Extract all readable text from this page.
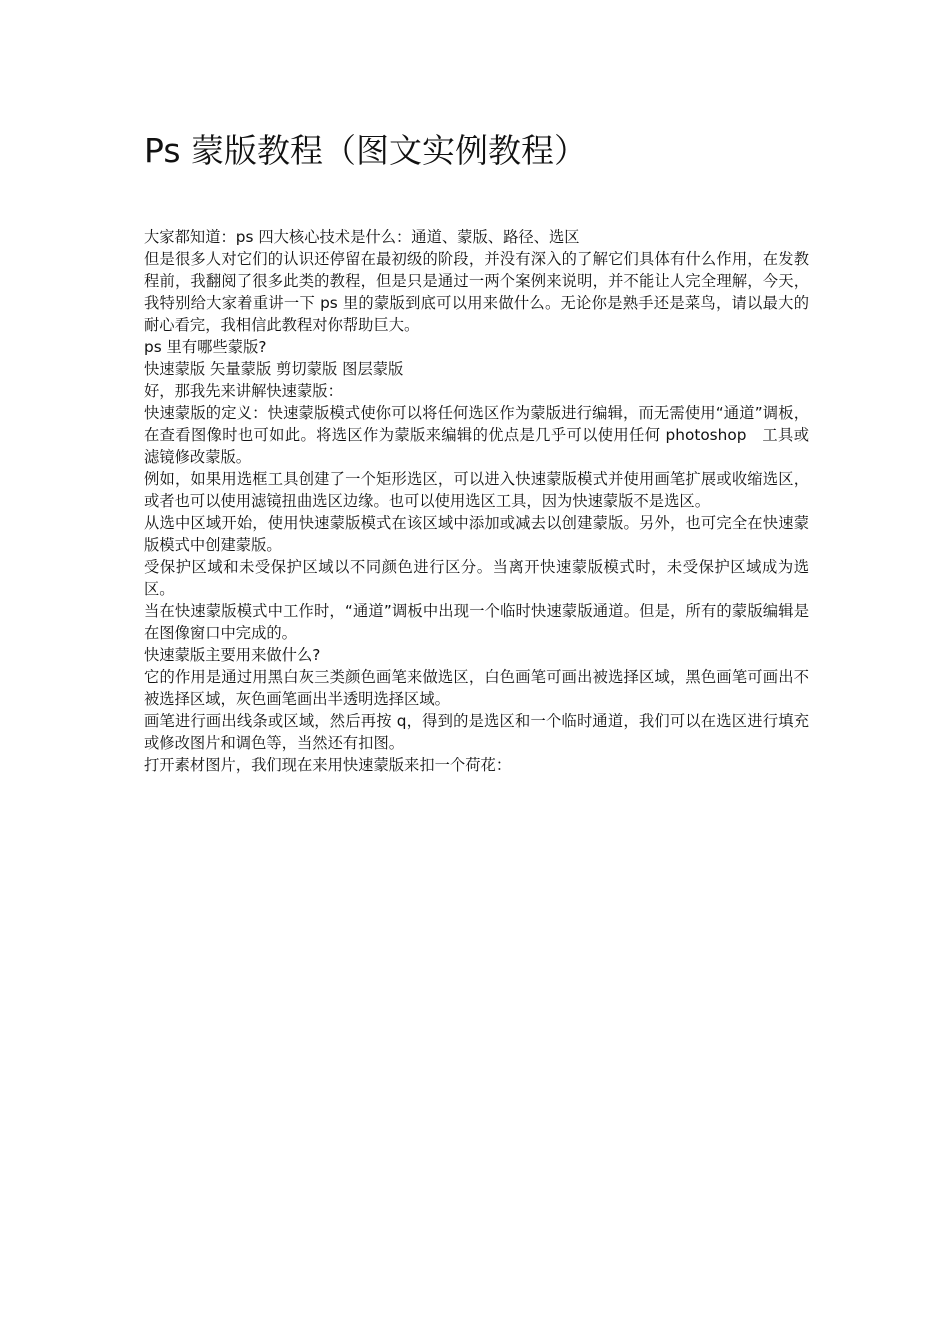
Ps 蒙版教程（图文实例教程）

大家都知道：ps 四大核心技术是什么：通道、蒙版、路径、选区

但是很多人对它们的认识还停留在最初级的阶段，并没有深入的了解它们具体有什么作用，在发教程前，我翻阅了很多此类的教程，但是只是通过一两个案例来说明，并不能让人完全理解，今天，我特别给大家着重讲一下 ps 里的蒙版到底可以用来做什么。无论你是熟手还是菜鸟，请以最大的耐心看完，我相信此教程对你帮助巨大。

ps 里有哪些蒙版?

快速蒙版 矢量蒙版 剪切蒙版 图层蒙版

好，那我先来讲解快速蒙版：

快速蒙版的定义：快速蒙版模式使你可以将任何选区作为蒙版进行编辑，而无需使用“通道”调板，在查看图像时也可如此。将选区作为蒙版来编辑的优点是几乎可以使用任何 photoshop　工具或滤镜修改蒙版。

例如，如果用选框工具创建了一个矩形选区，可以进入快速蒙版模式并使用画笔扩展或收缩选区，或者也可以使用滤镜扭曲选区边缘。也可以使用选区工具，因为快速蒙版不是选区。

从选中区域开始，使用快速蒙版模式在该区域中添加或减去以创建蒙版。另外，也可完全在快速蒙版模式中创建蒙版。

受保护区域和未受保护区域以不同颜色进行区分。当离开快速蒙版模式时，未受保护区域成为选区。

当在快速蒙版模式中工作时，“通道”调板中出现一个临时快速蒙版通道。但是，所有的蒙版编辑是在图像窗口中完成的。

快速蒙版主要用来做什么?

它的作用是通过用黑白灰三类颜色画笔来做选区，白色画笔可画出被选择区域，黑色画笔可画出不被选择区域，灰色画笔画出半透明选择区域。

画笔进行画出线条或区域，然后再按 q，得到的是选区和一个临时通道，我们可以在选区进行填充或修改图片和调色等，当然还有扣图。

打开素材图片，我们现在来用快速蒙版来扣一个荷花：
